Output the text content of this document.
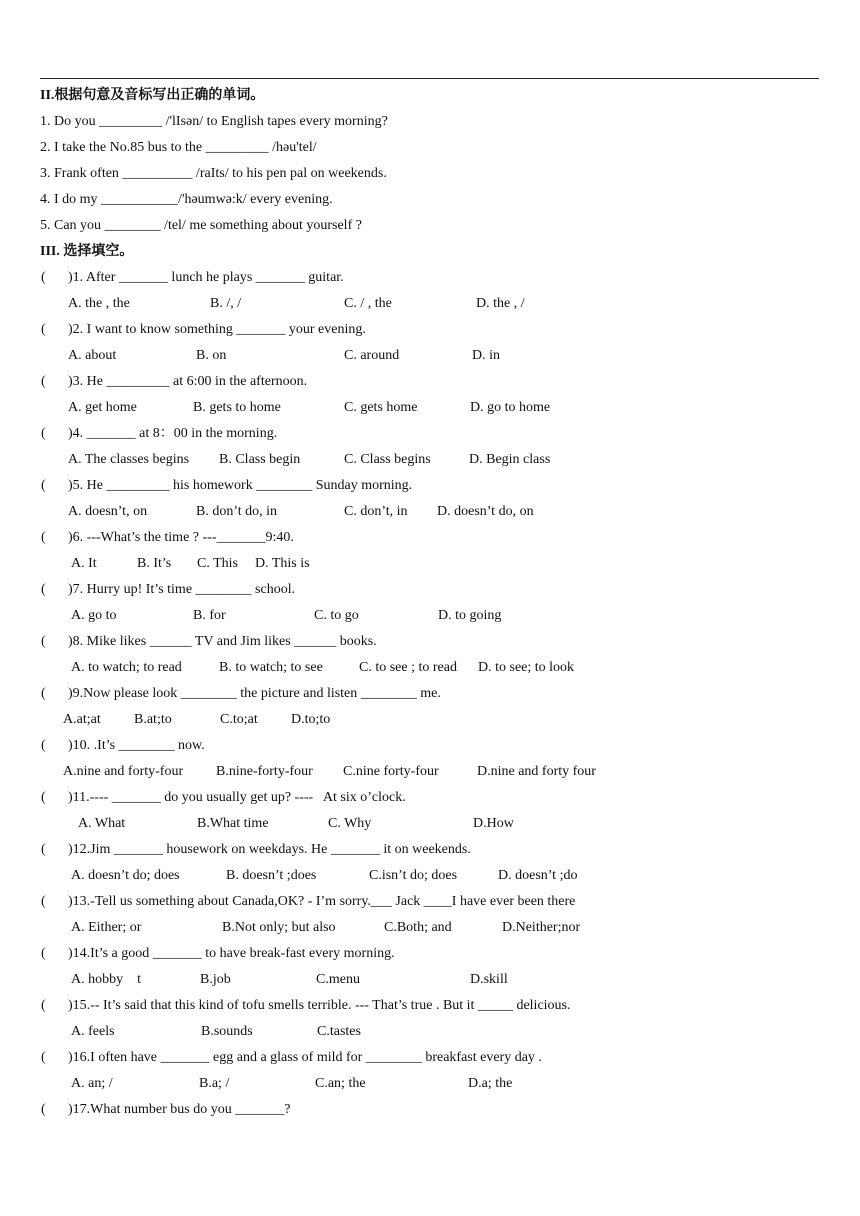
II.根据句意及音标写出正确的单词。
1. Do you _________ /'lIsən/ to English tapes every morning?
2. I take the No.85 bus to the _________ /həu'tel/
3. Frank often __________ /raIts/ to his pen pal on weekends.
4. I do my ___________/'həumwə:k/ every evening.
5. Can you ________ /tel/ me something about yourself ?
III. 选择填空。
( )1. After _______ lunch he plays _______ guitar.
A. the , the	B. /, /	C. / , the	D. the , /
( )2. I want to know something _______ your evening.
A. about	B. on	C. around	D. in
( )3. He _________ at 6:00 in the afternoon.
A. get home	B. gets to home	C. gets home	D. go to home
( )4. _______ at 8：00 in the morning.
A. The classes begins B. Class begin	C. Class begins	D. Begin class
( )5. He _________ his homework ________ Sunday morning.
A. doesn’t, on	B. don’t do, in	C. don’t, in D. doesn’t do, on
( )6. ---What’s the time ? ---_______9:40.
A. It	B. It’s C. This D. This is
( )7. Hurry up! It’s time ________ school.
A. go to	B. for	C. to go	D. to going
( )8. Mike likes ______ TV and Jim likes ______ books.
A. to watch; to read	B. to watch; to see	C. to see ; to read D. to see; to look
( )9.Now please look ________ the picture and listen ________ me.
A.at;at B.at;to	C.to;at D.to;to
( )10. .It’s ________ now.
A.nine and forty-four B.nine-forty-four C.nine forty-four	D.nine and forty four
( )11.---- _______ do you usually get up? ----   At six o’clock.
A. What	B.What time	C. Why	D.How
( )12.Jim _______ housework on weekdays. He _______ it on weekends.
A. doesn’t do; does	B. doesn’t ;does	C.isn’t do; does	D. doesn’t ;do
( )13.-Tell us something about Canada,OK? - I’m sorry.___ Jack ____I have ever been there
A. Either; or	B.Not only; but also	C.Both; and	D.Neither;nor
( )14.It’s a good _______ to have break-fast every morning.
A. hobby    t	B.job	C.menu	D.skill
( )15.-- It’s said that this kind of tofu smells terrible. --- That’s true . But it _____ delicious.
A. feels	B.sounds	C.tastes
( )16.I often have _______ egg and a glass of mild for ________ breakfast every day .
A. an; /	B.a; /	C.an; the	D.a; the
( )17.What number bus do you _______?
